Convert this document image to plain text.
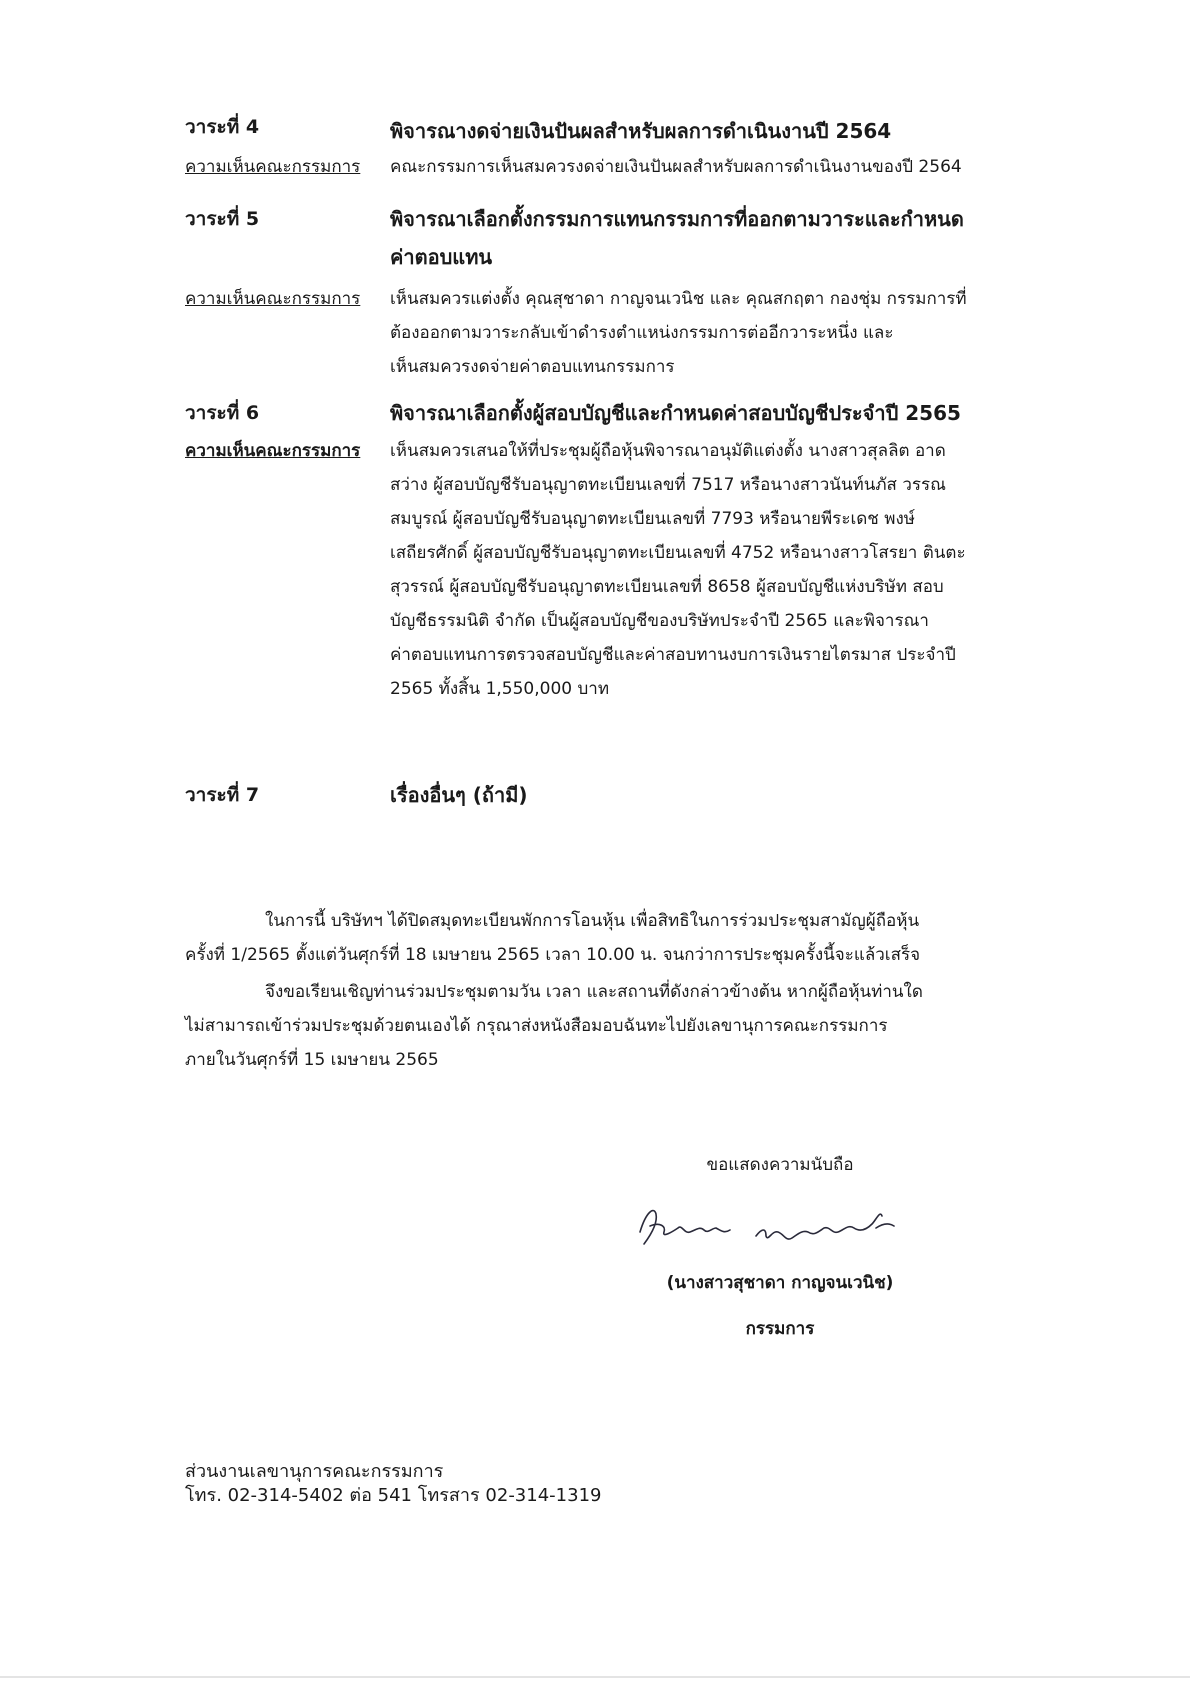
วาระที่ 4	พิจารณางดจ่ายเงินปันผลสำหรับผลการดำเนินงานปี 2564
ความเห็นคณะกรรมการ	คณะกรรมการเห็นสมควรงดจ่ายเงินปันผลสำหรับผลการดำเนินงานของปี 2564
วาระที่ 5	พิจารณาเลือกตั้งกรรมการแทนกรรมการที่ออกตามวาระและกำหนด
ค่าตอบแทน
ความเห็นคณะกรรมการ	เห็นสมควรแต่งตั้ง คุณสุชาดา กาญจนเวนิช และ คุณสกฤตา กองชุ่ม กรรมการที่
ต้องออกตามวาระกลับเข้าดำรงตำแหน่งกรรมการต่ออีกวาระหนึ่ง และ
เห็นสมควรงดจ่ายค่าตอบแทนกรรมการ
วาระที่ 6	พิจารณาเลือกตั้งผู้สอบบัญชีและกำหนดค่าสอบบัญชีประจำปี 2565
ความเห็นคณะกรรมการ	เห็นสมควรเสนอให้ที่ประชุมผู้ถือหุ้นพิจารณาอนุมัติแต่งตั้ง นางสาวสุลลิต อาด
สว่าง ผู้สอบบัญชีรับอนุญาตทะเบียนเลขที่ 7517 หรือนางสาวนันท์นภัส วรรณ
สมบูรณ์ ผู้สอบบัญชีรับอนุญาตทะเบียนเลขที่ 7793 หรือนายพีระเดช พงษ์
เสถียรศักดิ์ ผู้สอบบัญชีรับอนุญาตทะเบียนเลขที่ 4752 หรือนางสาวโสรยา ตินตะ
สุวรรณ์ ผู้สอบบัญชีรับอนุญาตทะเบียนเลขที่ 8658 ผู้สอบบัญชีแห่งบริษัท สอบ
บัญชีธรรมนิติ จำกัด เป็นผู้สอบบัญชีของบริษัทประจำปี 2565 และพิจารณา
ค่าตอบแทนการตรวจสอบบัญชีและค่าสอบทานงบการเงินรายไตรมาส ประจำปี
2565 ทั้งสิ้น 1,550,000 บาท
วาระที่ 7	เรื่องอื่นๆ (ถ้ามี)
ในการนี้ บริษัทฯ ได้ปิดสมุดทะเบียนพักการโอนหุ้น เพื่อสิทธิในการร่วมประชุมสามัญผู้ถือหุ้น
ครั้งที่ 1/2565 ตั้งแต่วันศุกร์ที่ 18 เมษายน 2565 เวลา 10.00 น. จนกว่าการประชุมครั้งนี้จะแล้วเสร็จ
จึงขอเรียนเชิญท่านร่วมประชุมตามวัน เวลา และสถานที่ดังกล่าวข้างต้น หากผู้ถือหุ้นท่านใด
ไม่สามารถเข้าร่วมประชุมด้วยตนเองได้ กรุณาส่งหนังสือมอบฉันทะไปยังเลขานุการคณะกรรมการ
ภายในวันศุกร์ที่ 15 เมษายน 2565
ขอแสดงความนับถือ
(นางสาวสุชาดา กาญจนเวนิช)
กรรมการ
ส่วนงานเลขานุการคณะกรรมการ
โทร. 02-314-5402 ต่อ 541 โทรสาร 02-314-1319
